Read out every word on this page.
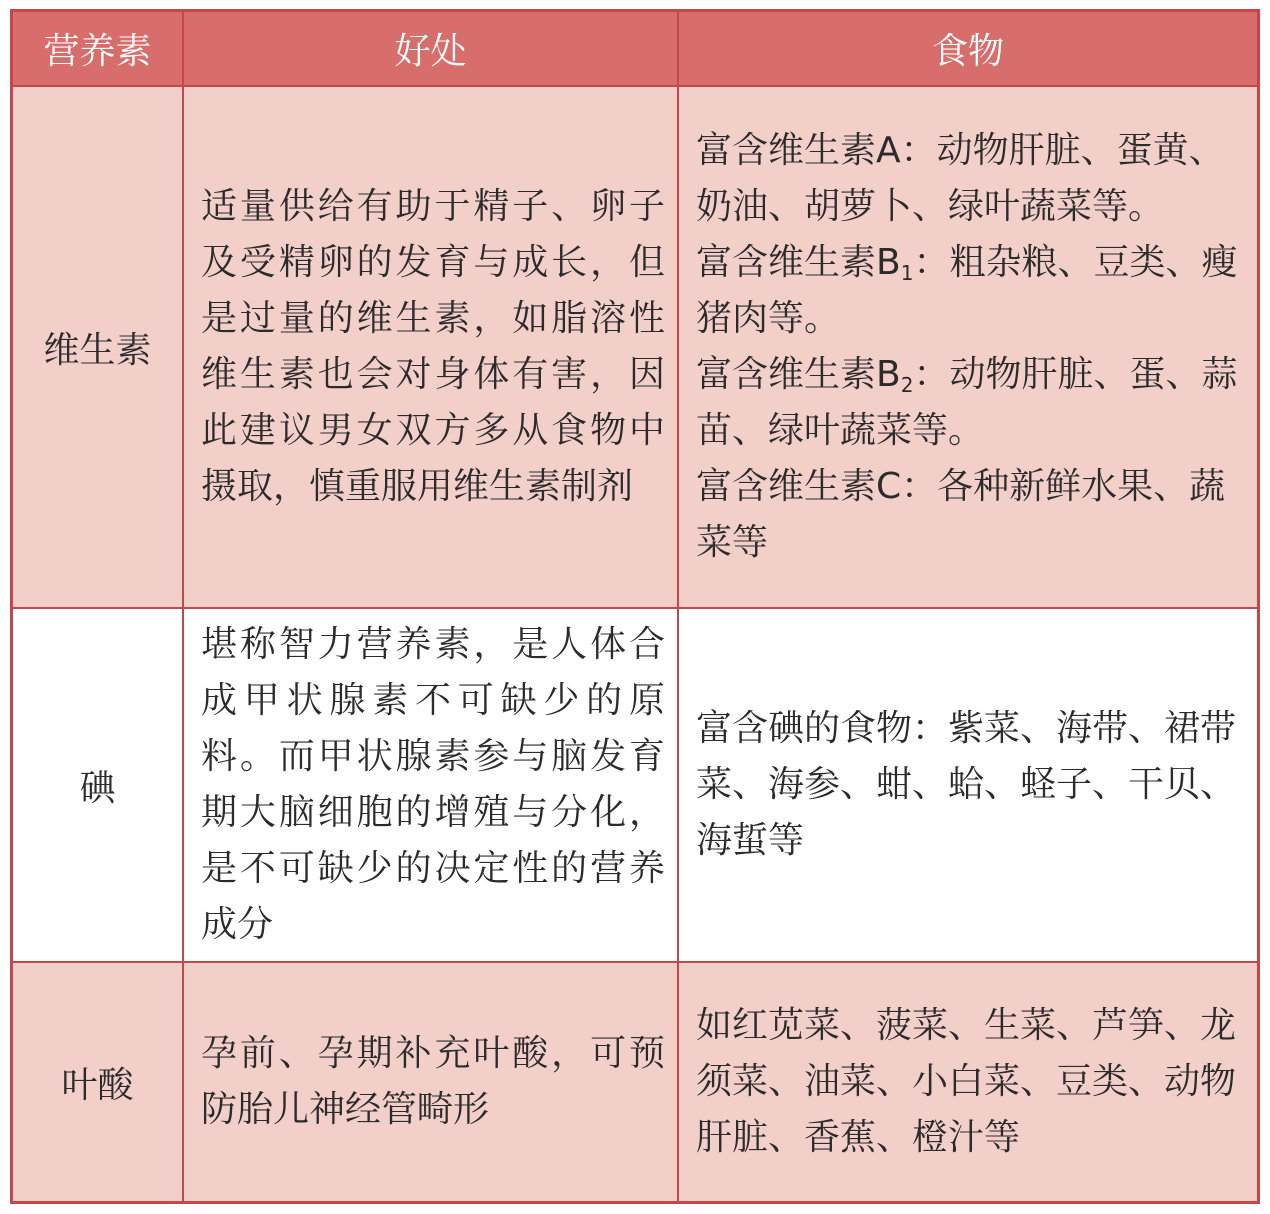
营养素	好处	食物
维生素
适量供给有助于精子、卵子及受精卵的发育与成长，但是过量的维生素，如脂溶性维生素也会对身体有害，因此建议男女双方多从食物中摄取，慎重服用维生素制剂

富含维生素A：动物肝脏、蛋黄、奶油、胡萝卜、绿叶蔬菜等。

富含维生素$B_1$：粗杂粮、豆类、瘦猪肉等。

富含维生素$B_2$：动物肝脏、蛋、蒜苗、绿叶蔬菜等。

富含维生素C：各种新鲜水果、蔬菜等

碘
堪称智力营养素，是人体合成甲状腺素不可缺少的原料。而甲状腺素参与脑发育期大脑细胞的增殖与分化，是不可缺少的决定性的营养成分
富含碘的食物：紫菜、海带、裙带菜、海参、蚶、蛤、蛏子、干贝、海蜇等
叶酸
孕前、孕期补充叶酸，可预防胎儿神经管畸形
如红苋菜、菠菜、生菜、芦笋、龙须菜、油菜、小白菜、豆类、动物肝脏、香蕉、橙汁等
